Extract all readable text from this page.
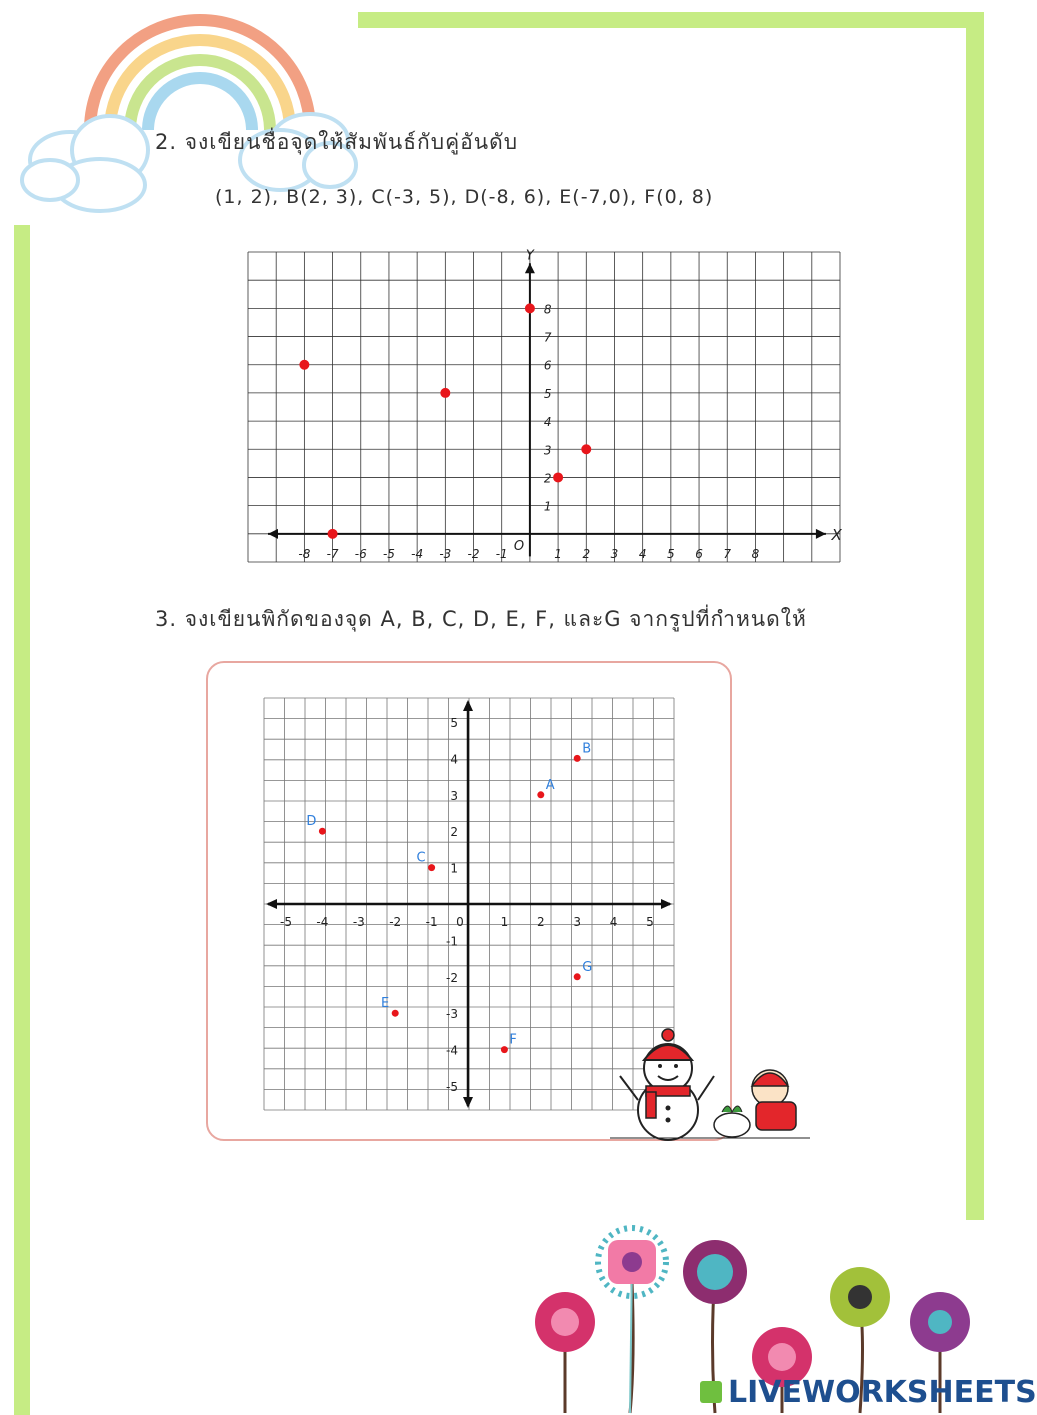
2. จงเขียนชื่อจุดให้สัมพันธ์กับคู่อันดับ
(1, 2), B(2, 3), C(-3, 5), D(-8, 6), E(-7,0), F(0, 8)
X
Y
O
-8 -7 -6 -5 -4 -3 -2 -1	1 2 3 4 5 6 7 8
1
2
3
4
5
6
7
8
3. จงเขียนพิกัดของจุด A, B, C, D, E, F, และG จากรูปที่กำหนดให้
-5 -4 -3 -2 -1 0	1 2 3 4 5
5
4
3
2
1
-1
-2
-3
-4
-5
A
B
C
D
E
F
G
LIVEWORKSHEETS
